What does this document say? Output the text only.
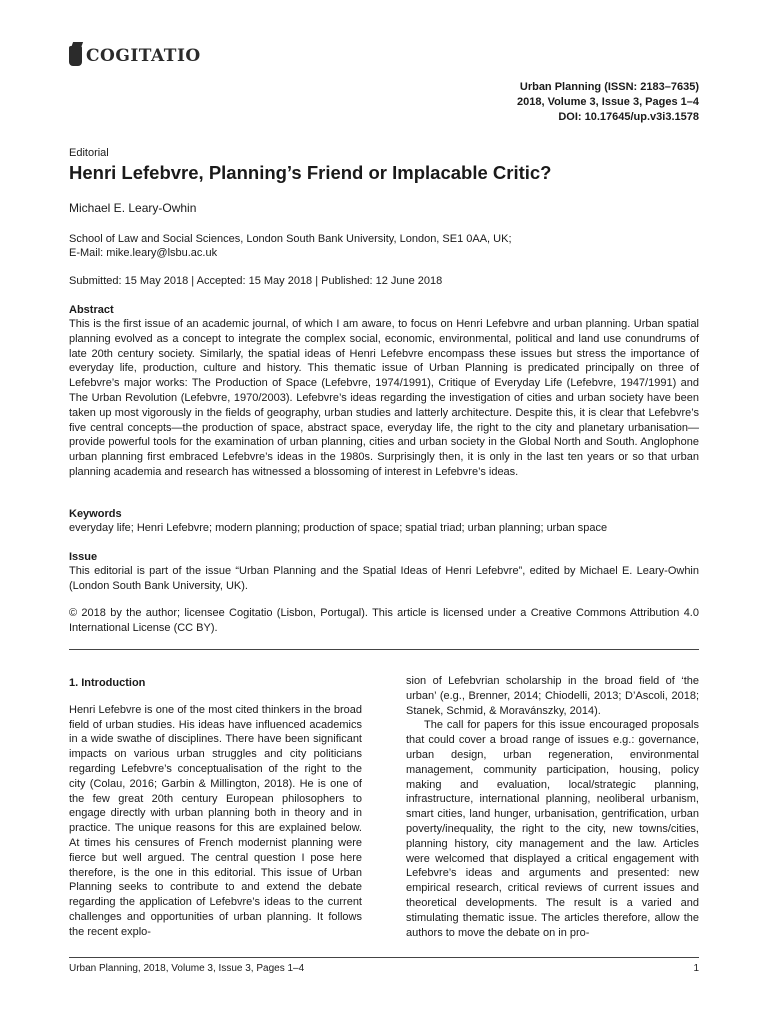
COGITATIO
Urban Planning (ISSN: 2183–7635)
2018, Volume 3, Issue 3, Pages 1–4
DOI: 10.17645/up.v3i3.1578
Editorial
Henri Lefebvre, Planning’s Friend or Implacable Critic?
Michael E. Leary-Owhin
School of Law and Social Sciences, London South Bank University, London, SE1 0AA, UK;
E-Mail: mike.leary@lsbu.ac.uk
Submitted: 15 May 2018 | Accepted: 15 May 2018 | Published: 12 June 2018
Abstract

This is the first issue of an academic journal, of which I am aware, to focus on Henri Lefebvre and urban planning. Urban spatial planning evolved as a concept to integrate the complex social, economic, environmental, political and land use conundrums of late 20th century society. Similarly, the spatial ideas of Henri Lefebvre encompass these issues but stress the importance of everyday life, production, culture and history. This thematic issue of Urban Planning is predicated principally on three of Lefebvre’s major works: The Production of Space (Lefebvre, 1974/1991), Critique of Everyday Life (Lefebvre, 1947/1991) and The Urban Revolution (Lefebvre, 1970/2003). Lefebvre’s ideas regarding the investigation of cities and urban society have been taken up most vigorously in the fields of geography, urban studies and latterly architecture. Despite this, it is clear that Lefebvre’s five central concepts—the production of space, abstract space, everyday life, the right to the city and planetary urbanisation—provide powerful tools for the examination of urban planning, cities and urban society in the Global North and South. Anglophone urban planning first embraced Lefebvre’s ideas in the 1980s. Surprisingly then, it is only in the last ten years or so that urban planning academia and research has witnessed a blossoming of interest in Lefebvre’s ideas.

Keywords

everyday life; Henri Lefebvre; modern planning; production of space; spatial triad; urban planning; urban space

Issue

This editorial is part of the issue “Urban Planning and the Spatial Ideas of Henri Lefebvre”, edited by Michael E. Leary-Owhin (London South Bank University, UK).

© 2018 by the author; licensee Cogitatio (Lisbon, Portugal). This article is licensed under a Creative Commons Attribution 4.0 International License (CC BY).

1. Introduction

Henri Lefebvre is one of the most cited thinkers in the broad field of urban studies. His ideas have influenced academics in a wide swathe of disciplines. There have been significant impacts on various urban struggles and city politicians regarding Lefebvre’s conceptualisation of the right to the city (Colau, 2016; Garbin & Millington, 2018). He is one of the few great 20th century European philosophers to engage directly with urban planning both in theory and in practice. The unique reasons for this are explained below. At times his censures of French modernist planning were fierce but well argued. The central question I pose here therefore, is the one in this editorial. This issue of Urban Planning seeks to contribute to and extend the debate regarding the application of Lefebvre’s ideas to the current challenges and opportunities of urban planning. It follows the recent explo-

sion of Lefebvrian scholarship in the broad field of ‘the urban’ (e.g., Brenner, 2014; Chiodelli, 2013; D’Ascoli, 2018; Stanek, Schmid, & Moravánszky, 2014).

The call for papers for this issue encouraged proposals that could cover a broad range of issues e.g.: governance, urban design, urban regeneration, environmental management, community participation, housing, policy making and evaluation, local/strategic planning, infrastructure, international planning, neoliberal urbanism, smart cities, land hunger, urbanisation, gentrification, urban poverty/inequality, the right to the city, new towns/cities, planning history, city management and the law. Articles were welcomed that displayed a critical engagement with Lefebvre’s ideas and arguments and presented: new empirical research, critical reviews of current issues and theoretical developments. The result is a varied and stimulating thematic issue. The articles therefore, allow the authors to move the debate on in pro-

Urban Planning, 2018, Volume 3, Issue 3, Pages 1–4	1
